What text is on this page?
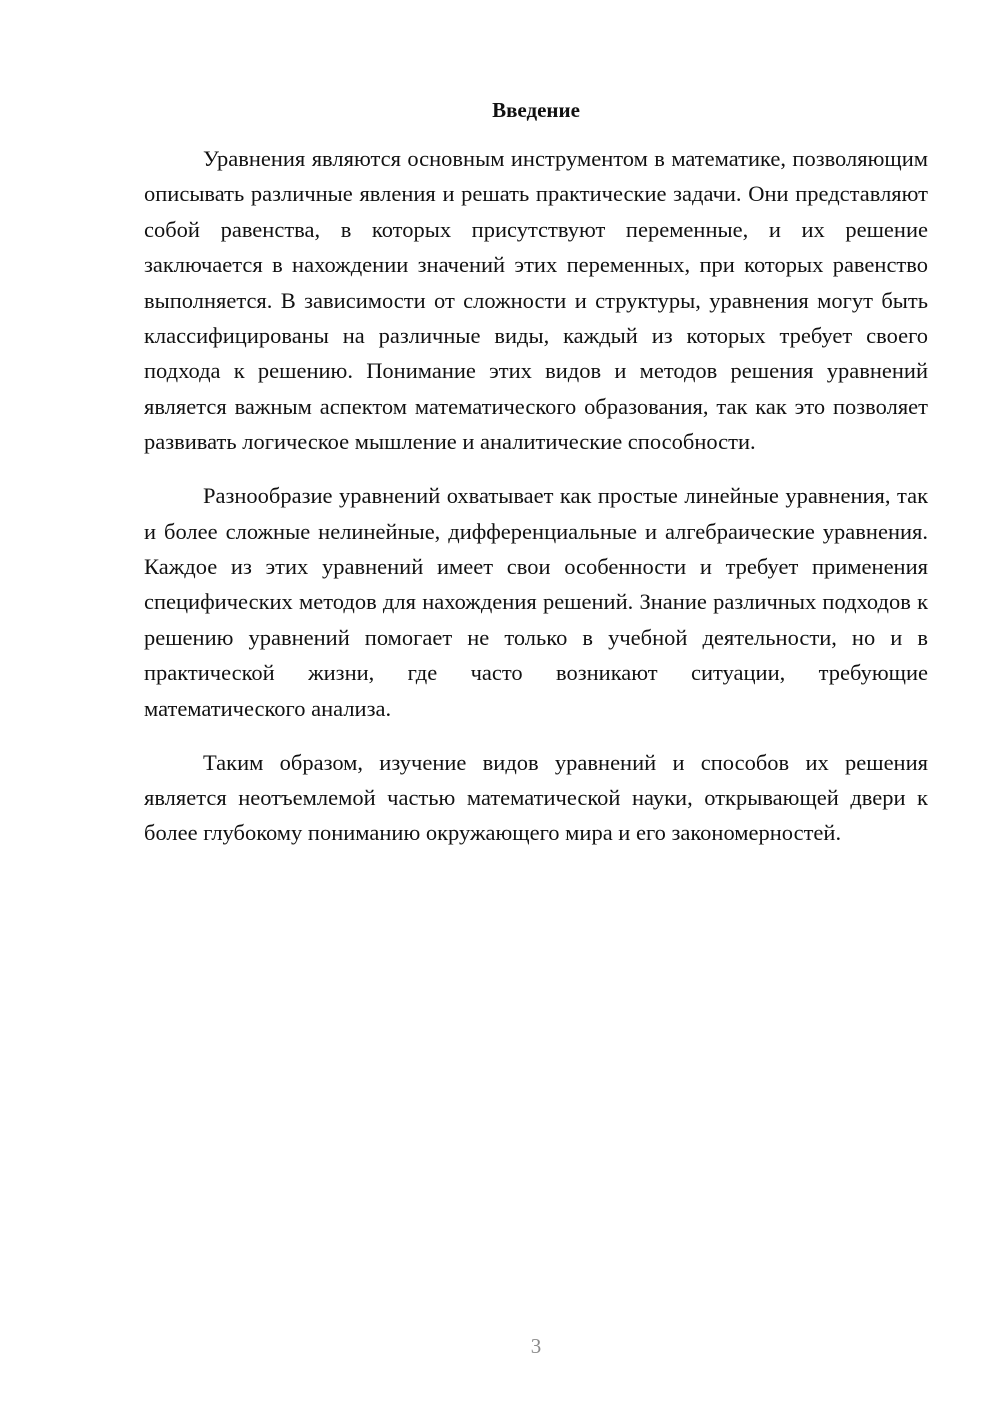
Введение

Уравнения являются основным инструментом в математике, позволяющим описывать различные явления и решать практические задачи. Они представляют собой равенства, в которых присутствуют переменные, и их решение заключается в нахождении значений этих переменных, при которых равенство выполняется. В зависимости от сложности и структуры, уравнения могут быть классифицированы на различные виды, каждый из которых требует своего подхода к решению. Понимание этих видов и методов решения уравнений является важным аспектом математического образования, так как это позволяет развивать логическое мышление и аналитические способности.

Разнообразие уравнений охватывает как простые линейные уравнения, так и более сложные нелинейные, дифференциальные и алгебраические уравнения. Каждое из этих уравнений имеет свои особенности и требует применения специфических методов для нахождения решений. Знание различных подходов к решению уравнений помогает не только в учебной деятельности, но и в практической жизни, где часто возникают ситуации, требующие математического анализа.

Таким образом, изучение видов уравнений и способов их решения является неотъемлемой частью математической науки, открывающей двери к более глубокому пониманию окружающего мира и его закономерностей.

3
